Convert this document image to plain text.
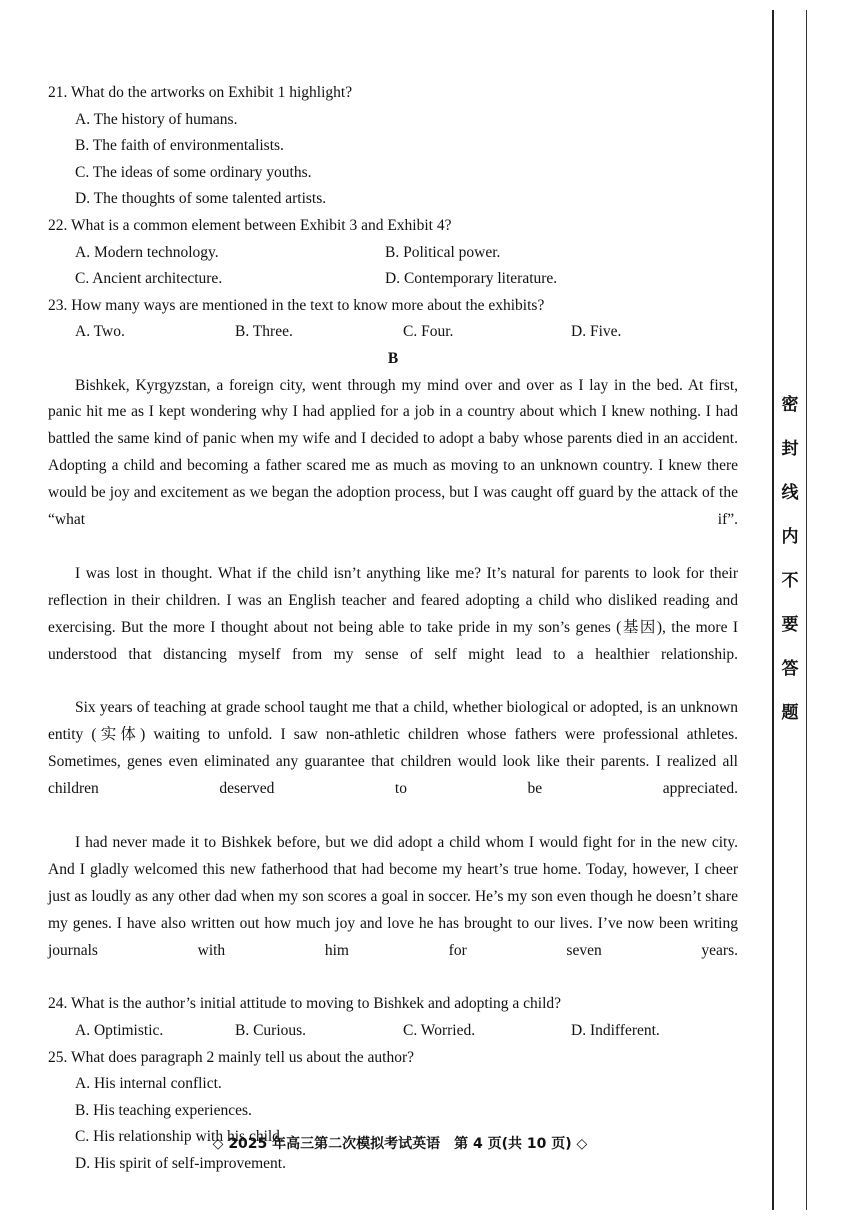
21. What do the artworks on Exhibit 1 highlight?
A. The history of humans.
B. The faith of environmentalists.
C. The ideas of some ordinary youths.
D. The thoughts of some talented artists.
22. What is a common element between Exhibit 3 and Exhibit 4?
A. Modern technology.	B. Political power.
C. Ancient architecture.	D. Contemporary literature.
23. How many ways are mentioned in the text to know more about the exhibits?
A. Two.	B. Three.	C. Four.	D. Five.
B

Bishkek, Kyrgyzstan, a foreign city, went through my mind over and over as I lay in the bed. At first, panic hit me as I kept wondering why I had applied for a job in a country about which I knew nothing. I had battled the same kind of panic when my wife and I decided to adopt a baby whose parents died in an accident. Adopting a child and becoming a father scared me as much as moving to an unknown country. I knew there would be joy and excitement as we began the adoption process, but I was caught off guard by the attack of the “what if”.

I was lost in thought. What if the child isn’t anything like me? It’s natural for parents to look for their reflection in their children. I was an English teacher and feared adopting a child who disliked reading and exercising. But the more I thought about not being able to take pride in my son’s genes (基因), the more I understood that distancing myself from my sense of self might lead to a healthier relationship.

Six years of teaching at grade school taught me that a child, whether biological or adopted, is an unknown entity (实体) waiting to unfold. I saw non-athletic children whose fathers were professional athletes. Sometimes, genes even eliminated any guarantee that children would look like their parents. I realized all children deserved to be appreciated.

I had never made it to Bishkek before, but we did adopt a child whom I would fight for in the new city. And I gladly welcomed this new fatherhood that had become my heart’s true home. Today, however, I cheer just as loudly as any other dad when my son scores a goal in soccer. He’s my son even though he doesn’t share my genes. I have also written out how much joy and love he has brought to our lives. I’ve now been writing journals with him for seven years.

24. What is the author’s initial attitude to moving to Bishkek and adopting a child?
A. Optimistic.	B. Curious.	C. Worried.	D. Indifferent.
25. What does paragraph 2 mainly tell us about the author?
A. His internal conflict.
B. His teaching experiences.
C. His relationship with his child.
D. His spirit of self-improvement.
◇ 2025 年高三第二次模拟考试英语　第 4 页(共 10 页) ◇
密
封
线
内
不
要
答
题
